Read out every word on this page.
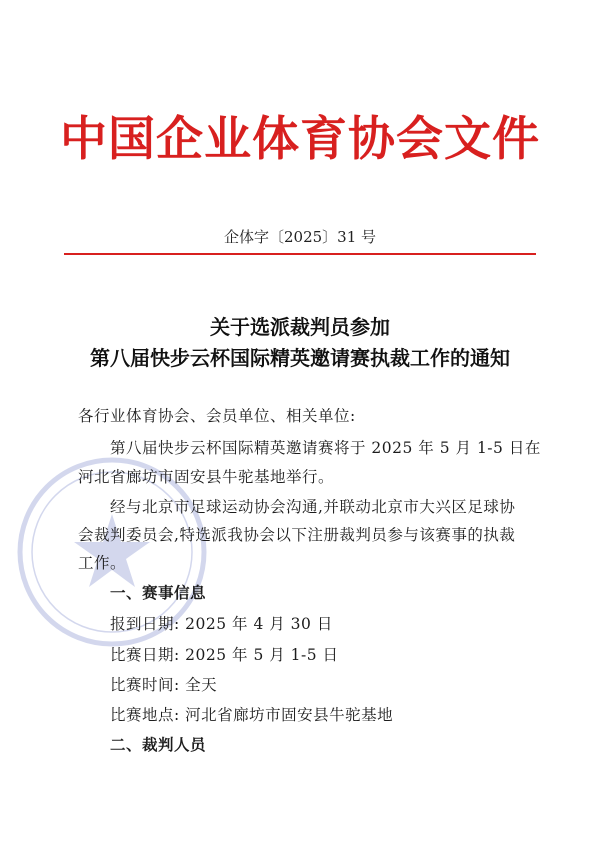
中国企业体育协会文件
企体字〔2025〕31 号
关于选派裁判员参加
第八届快步云杯国际精英邀请赛执裁工作的通知
各行业体育协会、会员单位、相关单位:
第八届快步云杯国际精英邀请赛将于 2025 年 5 月 1-5 日在
河北省廊坊市固安县牛驼基地举行。
经与北京市足球运动协会沟通,并联动北京市大兴区足球协
会裁判委员会,特选派我协会以下注册裁判员参与该赛事的执裁
工作。
一、赛事信息
报到日期: 2025 年 4 月 30 日
比赛日期: 2025 年 5 月 1-5 日
比赛时间: 全天
比赛地点: 河北省廊坊市固安县牛驼基地
二、裁判人员
